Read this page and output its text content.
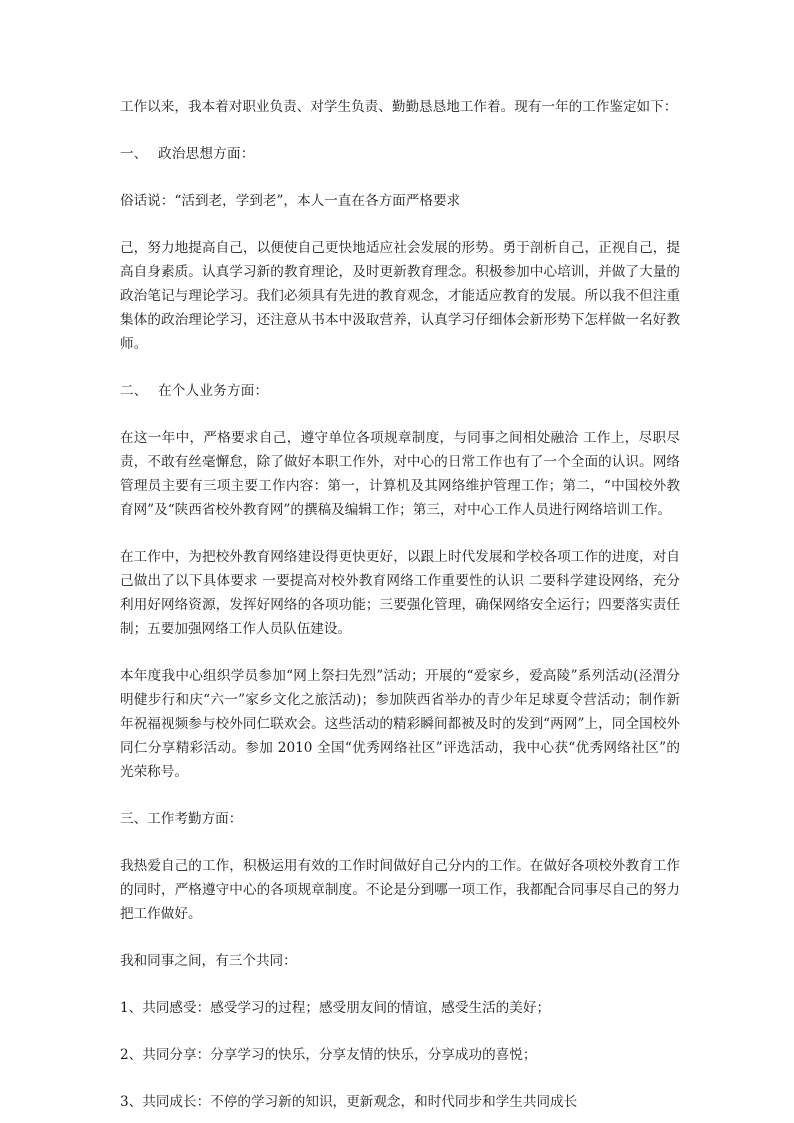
工作以来，我本着对职业负责、对学生负责、勤勤恳恳地工作着。现有一年的工作鉴定如下：

一、 政治思想方面：

俗话说：“活到老，学到老”，本人一直在各方面严格要求

己，努力地提高自己，以便使自己更快地适应社会发展的形势。勇于剖析自己，正视自己，提高自身素质。认真学习新的教育理论，及时更新教育理念。积极参加中心培训，并做了大量的政治笔记与理论学习。我们必须具有先进的教育观念，才能适应教育的发展。所以我不但注重集体的政治理论学习，还注意从书本中汲取营养，认真学习仔细体会新形势下怎样做一名好教师。

二、 在个人业务方面：

在这一年中，严格要求自己，遵守单位各项规章制度，与同事之间相处融洽 工作上，尽职尽责，不敢有丝毫懈怠，除了做好本职工作外，对中心的日常工作也有了一个全面的认识。网络管理员主要有三项主要工作内容：第一，计算机及其网络维护管理工作；第二，“中国校外教育网”及“陕西省校外教育网”的撰稿及编辑工作；第三，对中心工作人员进行网络培训工作。

在工作中，为把校外教育网络建设得更快更好，以跟上时代发展和学校各项工作的进度，对自己做出了以下具体要求 一要提高对校外教育网络工作重要性的认识 二要科学建设网络，充分利用好网络资源，发挥好网络的各项功能；三要强化管理，确保网络安全运行；四要落实责任制；五要加强网络工作人员队伍建设。

本年度我中心组织学员参加“网上祭扫先烈”活动；开展的“爱家乡，爱高陵”系列活动(泾渭分明健步行和庆“六一”家乡文化之旅活动)；参加陕西省举办的青少年足球夏令营活动；制作新年祝福视频参与校外同仁联欢会。这些活动的精彩瞬间都被及时的发到“两网”上，同全国校外同仁分享精彩活动。参加 2010 全国“优秀网络社区”评选活动，我中心获“优秀网络社区”的光荣称号。

三、工作考勤方面：

我热爱自己的工作，积极运用有效的工作时间做好自己分内的工作。在做好各项校外教育工作的同时，严格遵守中心的各项规章制度。不论是分到哪一项工作，我都配合同事尽自己的努力把工作做好。

我和同事之间，有三个共同：

1、共同感受：感受学习的过程；感受朋友间的情谊，感受生活的美好；

2、共同分享：分享学习的快乐，分享友情的快乐，分享成功的喜悦；

3、共同成长：不停的学习新的知识，更新观念，和时代同步和学生共同成长
